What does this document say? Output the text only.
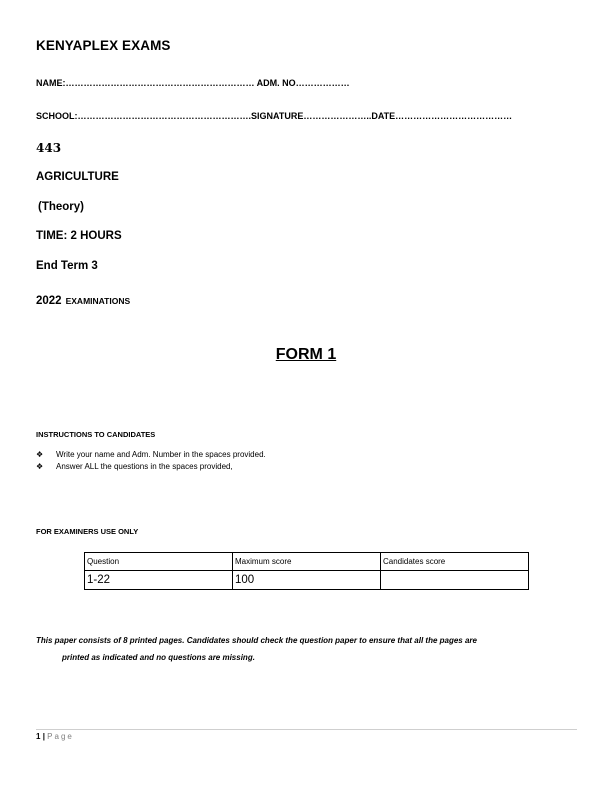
KENYAPLEX EXAMS
NAME:……………………………………………………… ADM. NO………………
SCHOOL:………………………………………………….SIGNATURE…………………..DATE…………………………………
443
AGRICULTURE
(Theory)
TIME: 2 HOURS
End Term 3
2022 EXAMINATIONS
FORM 1
INSTRUCTIONS TO CANDIDATES
❖ Write your name and Adm. Number in the spaces provided.
❖ Answer ALL the questions in the spaces provided,
FOR EXAMINERS USE ONLY
Question	Maximum score	Candidates score
1-22	100	
This paper consists of 8 printed pages. Candidates should check the question paper to ensure that all the pages are
printed as indicated and no questions are missing.
1 | Page
